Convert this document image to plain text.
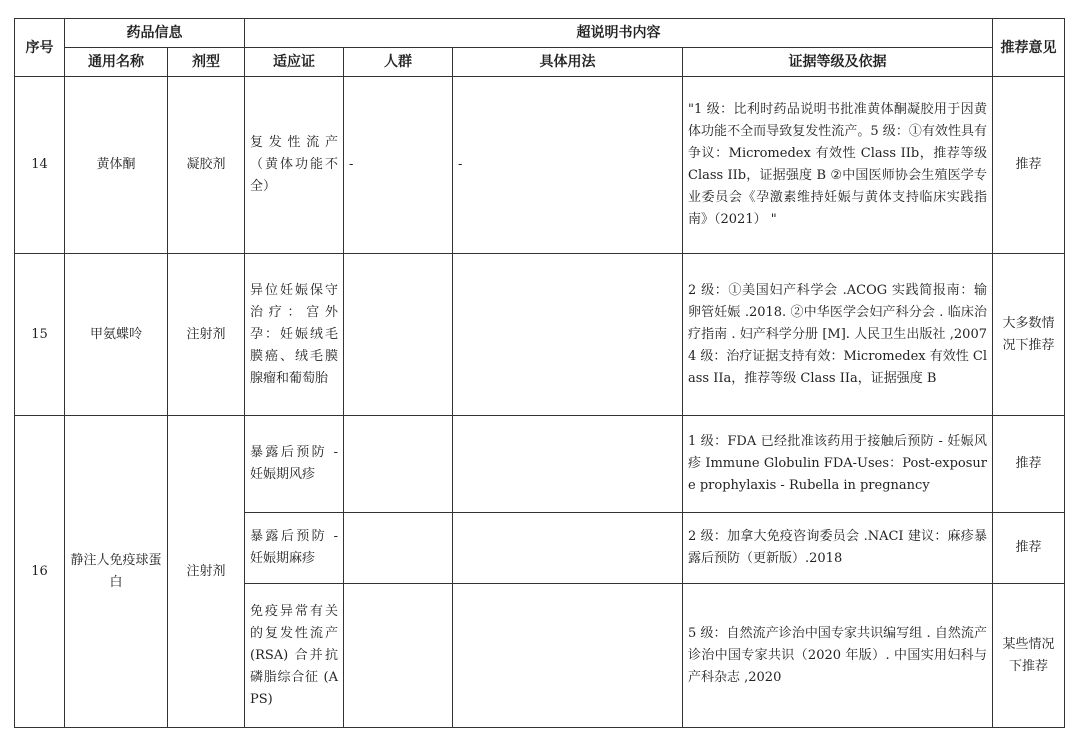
序号	药品信息		超说明书内容				推荐意见
	通用名称	剂型	适应证	人群	具体用法	证据等级及依据	
14	黄体酮	凝胶剂	复发性流产（黄体功能不全）	-	-	"1 级：比利时药品说明书批准黄体酮凝胶用于因黄体功能不全而导致复发性流产。5 级：①有效性具有争议：Micromedex 有效性 Class IIb，推荐等级 Class IIb，证据强度 B ②中国医师协会生殖医学专业委员会《孕激素维持妊娠与黄体支持临床实践指南》（2021） "	推荐
15	甲氨蝶呤	注射剂	异位妊娠保守治疗：宫外孕：妊娠绒毛膜癌、绒毛膜腺瘤和葡萄胎			2 级：①美国妇产科学会 .ACOG 实践简报南：输卵管妊娠 .2018. ②中华医学会妇产科分会 . 临床治疗指南 . 妇产科学分册 [M]. 人民卫生出版社 ,2007 4 级：治疗证据支持有效：Micromedex 有效性 Class IIa，推荐等级 Class IIa，证据强度 B	大多数情况下推荐
16	静注人免疫球蛋白	注射剂	暴露后预防 - 妊娠期风疹			1 级：FDA 已经批准该药用于接触后预防 - 妊娠风疹 Immune Globulin FDA-Uses：Post-exposure prophylaxis - Rubella in pregnancy	推荐
			暴露后预防 - 妊娠期麻疹			2 级：加拿大免疫咨询委员会 .NACI 建议：麻疹暴露后预防（更新版）.2018	推荐
			免疫异常有关的复发性流产 (RSA) 合并抗磷脂综合征 (APS)			5 级：自然流产诊治中国专家共识编写组 . 自然流产诊治中国专家共识（2020 年版）. 中国实用妇科与产科杂志 ,2020	某些情况下推荐
